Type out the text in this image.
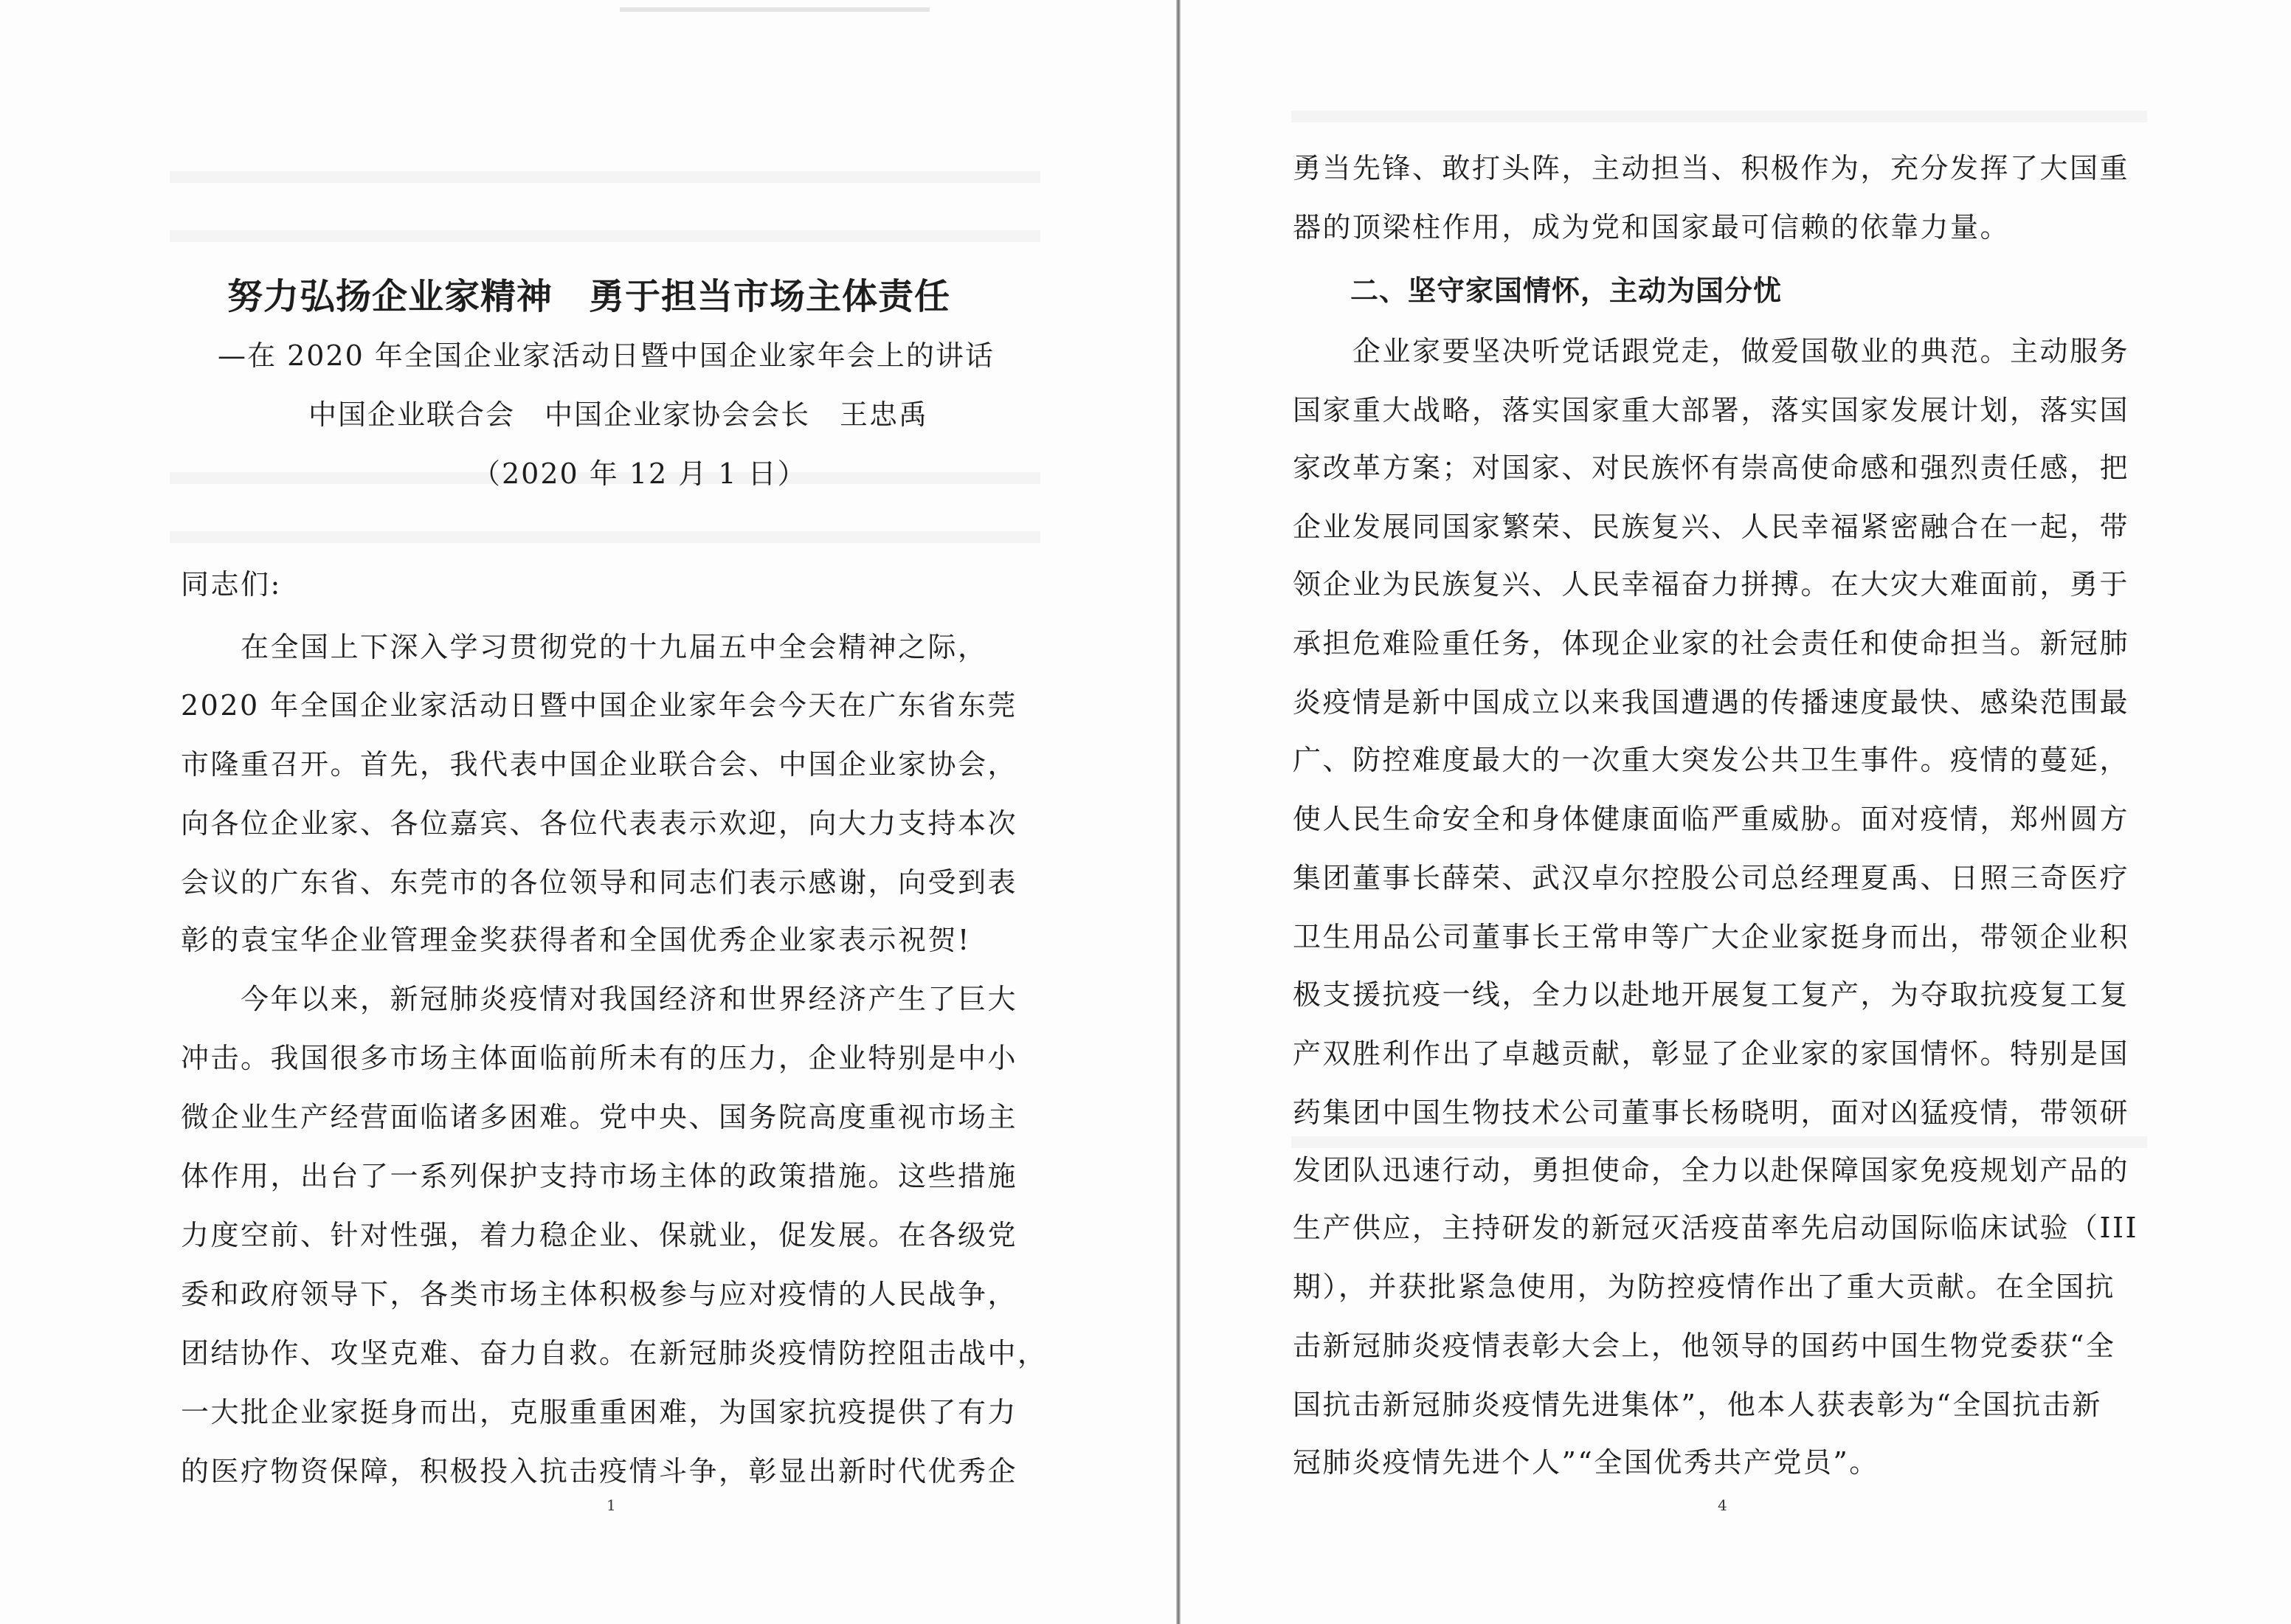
努力弘扬企业家精神　勇于担当市场主体责任
—在 2020 年全国企业家活动日暨中国企业家年会上的讲话
中国企业联合会　中国企业家协会会长　王忠禹
（2020 年 12 月 1 日）
同志们:
　　在全国上下深入学习贯彻党的十九届五中全会精神之际，
2020 年全国企业家活动日暨中国企业家年会今天在广东省东莞
市隆重召开。首先，我代表中国企业联合会、中国企业家协会，
向各位企业家、各位嘉宾、各位代表表示欢迎，向大力支持本次
会议的广东省、东莞市的各位领导和同志们表示感谢，向受到表
彰的袁宝华企业管理金奖获得者和全国优秀企业家表示祝贺!
　　今年以来，新冠肺炎疫情对我国经济和世界经济产生了巨大
冲击。我国很多市场主体面临前所未有的压力，企业特别是中小
微企业生产经营面临诸多困难。党中央、国务院高度重视市场主
体作用，出台了一系列保护支持市场主体的政策措施。这些措施
力度空前、针对性强，着力稳企业、保就业，促发展。在各级党
委和政府领导下，各类市场主体积极参与应对疫情的人民战争，
团结协作、攻坚克难、奋力自救。在新冠肺炎疫情防控阻击战中，
一大批企业家挺身而出，克服重重困难，为国家抗疫提供了有力
的医疗物资保障，积极投入抗击疫情斗争，彰显出新时代优秀企
1
勇当先锋、敢打头阵，主动担当、积极作为，充分发挥了大国重
器的顶梁柱作用，成为党和国家最可信赖的依靠力量。
二、坚守家国情怀，主动为国分忧
　　企业家要坚决听党话跟党走，做爱国敬业的典范。主动服务
国家重大战略，落实国家重大部署，落实国家发展计划，落实国
家改革方案；对国家、对民族怀有崇高使命感和强烈责任感，把
企业发展同国家繁荣、民族复兴、人民幸福紧密融合在一起，带
领企业为民族复兴、人民幸福奋力拼搏。在大灾大难面前，勇于
承担危难险重任务，体现企业家的社会责任和使命担当。新冠肺
炎疫情是新中国成立以来我国遭遇的传播速度最快、感染范围最
广、防控难度最大的一次重大突发公共卫生事件。疫情的蔓延，
使人民生命安全和身体健康面临严重威胁。面对疫情，郑州圆方
集团董事长薛荣、武汉卓尔控股公司总经理夏禹、日照三奇医疗
卫生用品公司董事长王常申等广大企业家挺身而出，带领企业积
极支援抗疫一线，全力以赴地开展复工复产，为夺取抗疫复工复
产双胜利作出了卓越贡献，彰显了企业家的家国情怀。特别是国
药集团中国生物技术公司董事长杨晓明，面对凶猛疫情，带领研
发团队迅速行动，勇担使命，全力以赴保障国家免疫规划产品的
生产供应，主持研发的新冠灭活疫苗率先启动国际临床试验（III
期），并获批紧急使用，为防控疫情作出了重大贡献。在全国抗
击新冠肺炎疫情表彰大会上，他领导的国药中国生物党委获“全
国抗击新冠肺炎疫情先进集体”，他本人获表彰为“全国抗击新
冠肺炎疫情先进个人”“全国优秀共产党员”。
4
